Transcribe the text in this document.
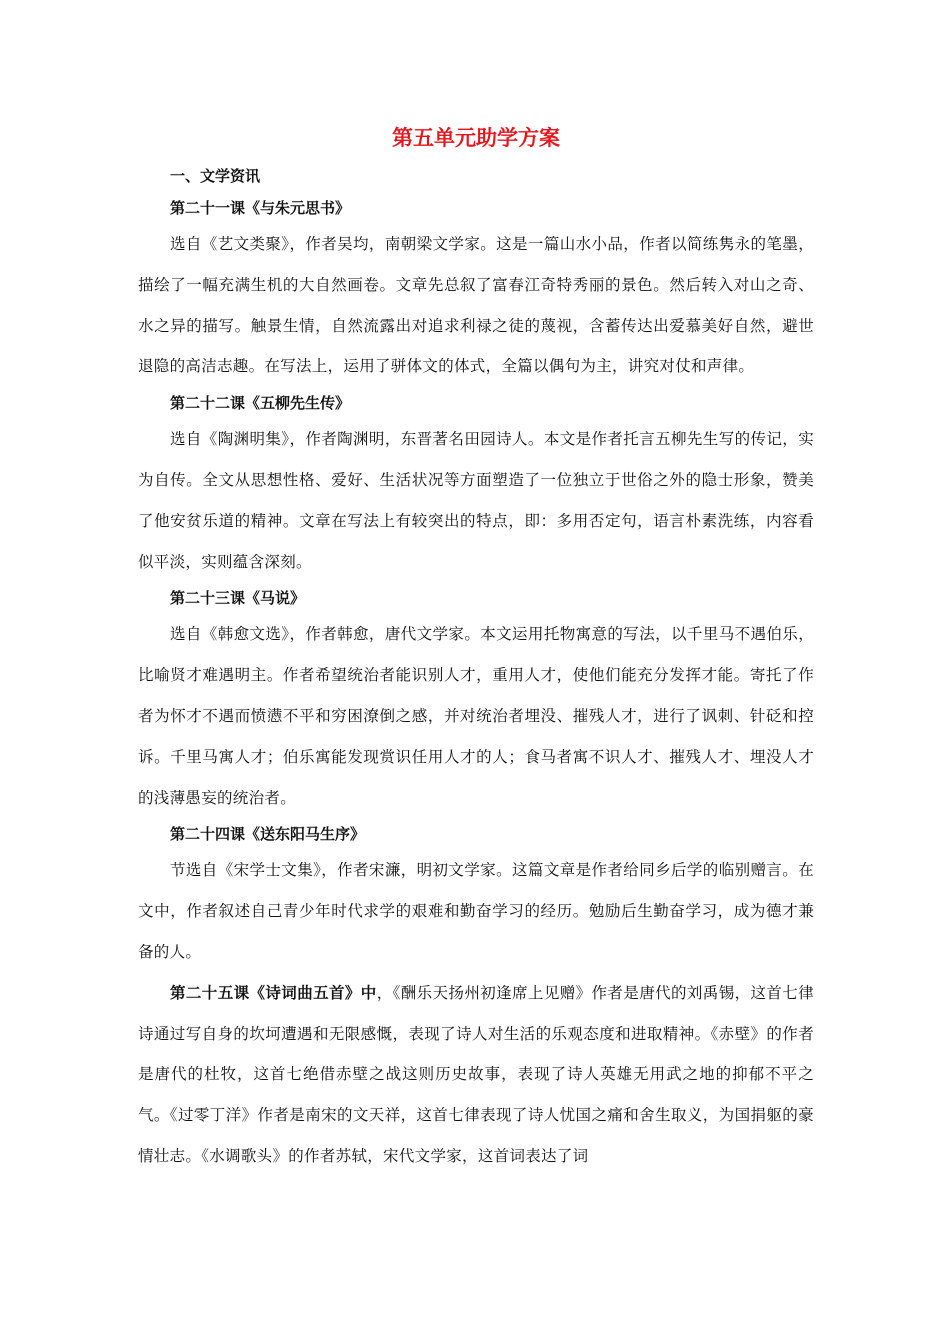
第五单元助学方案
一、文学资讯
第二十一课《与朱元思书》

选自《艺文类聚》，作者吴均，南朝梁文学家。这是一篇山水小品，作者以简练隽永的笔墨，描绘了一幅充满生机的大自然画卷。文章先总叙了富春江奇特秀丽的景色。然后转入对山之奇、水之异的描写。触景生情，自然流露出对追求利禄之徒的蔑视，含蓄传达出爱慕美好自然，避世退隐的高洁志趣。在写法上，运用了骈体文的体式，全篇以偶句为主，讲究对仗和声律。

第二十二课《五柳先生传》

选自《陶渊明集》，作者陶渊明，东晋著名田园诗人。本文是作者托言五柳先生写的传记，实为自传。全文从思想性格、爱好、生活状况等方面塑造了一位独立于世俗之外的隐士形象，赞美了他安贫乐道的精神。文章在写法上有较突出的特点，即：多用否定句，语言朴素洗练，内容看似平淡，实则蕴含深刻。

第二十三课《马说》

选自《韩愈文选》，作者韩愈，唐代文学家。本文运用托物寓意的写法，以千里马不遇伯乐，比喻贤才难遇明主。作者希望统治者能识别人才，重用人才，使他们能充分发挥才能。寄托了作者为怀才不遇而愤懑不平和穷困潦倒之感，并对统治者埋没、摧残人才，进行了讽刺、针砭和控诉。千里马寓人才；伯乐寓能发现赏识任用人才的人；食马者寓不识人才、摧残人才、埋没人才的浅薄愚妄的统治者。

第二十四课《送东阳马生序》

节选自《宋学士文集》，作者宋濂，明初文学家。这篇文章是作者给同乡后学的临别赠言。在文中，作者叙述自己青少年时代求学的艰难和勤奋学习的经历。勉励后生勤奋学习，成为德才兼备的人。

第二十五课《诗词曲五首》中，《酬乐天扬州初逢席上见赠》作者是唐代的刘禹锡，这首七律诗通过写自身的坎坷遭遇和无限感慨，表现了诗人对生活的乐观态度和进取精神。《赤壁》的作者是唐代的杜牧，这首七绝借赤壁之战这则历史故事，表现了诗人英雄无用武之地的抑郁不平之气。《过零丁洋》作者是南宋的文天祥，这首七律表现了诗人忧国之痛和舍生取义，为国捐躯的豪情壮志。《水调歌头》的作者苏轼，宋代文学家，这首词表达了词
